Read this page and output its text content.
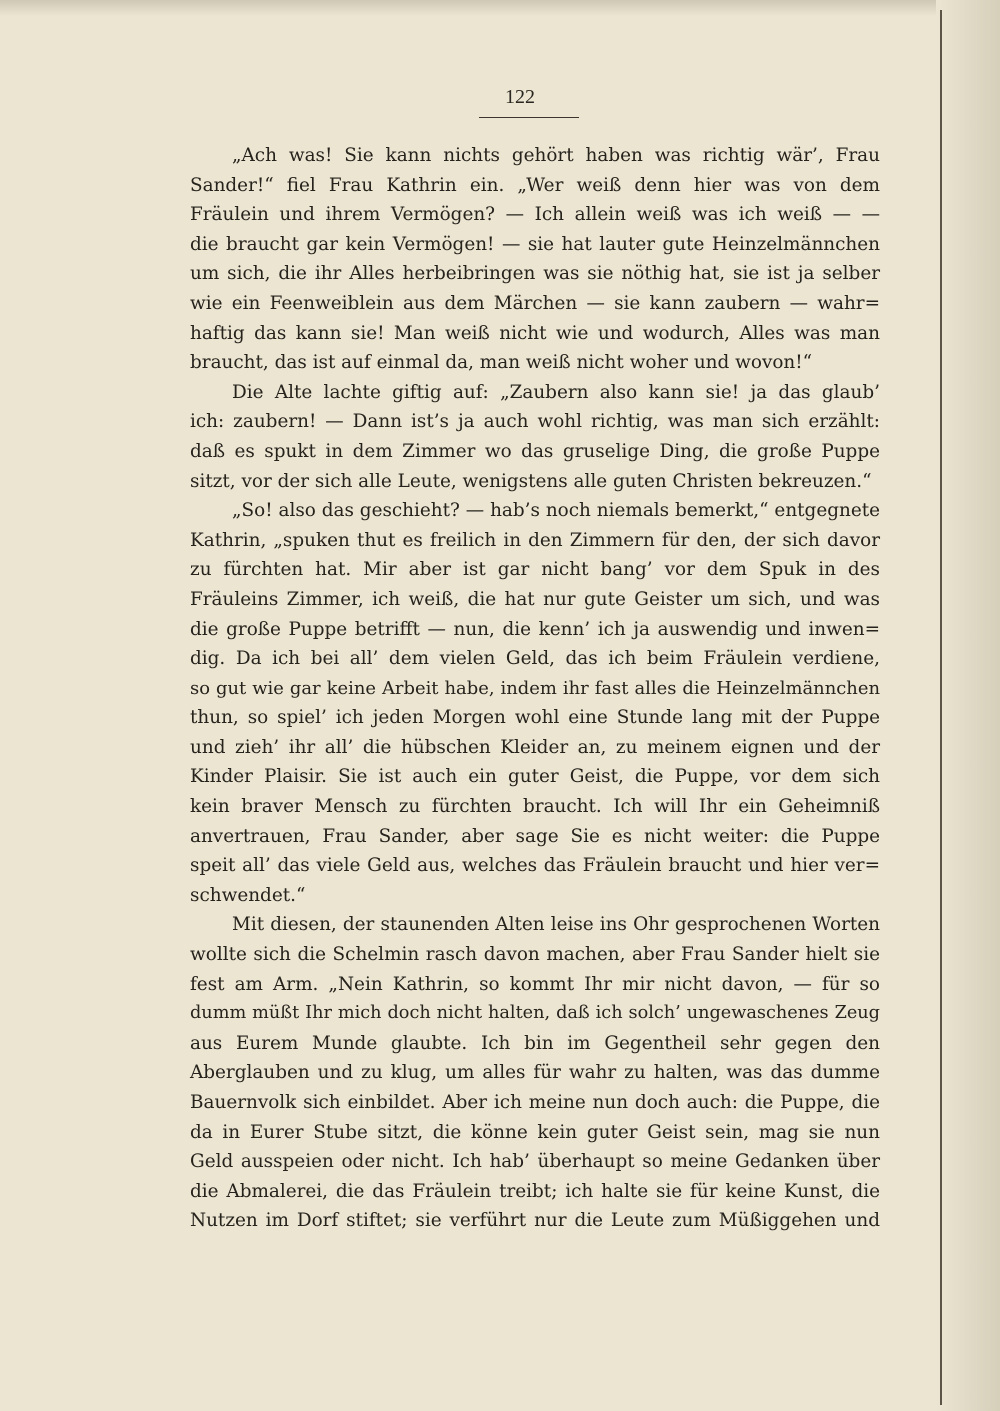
122
„Ach was! Sie kann nichts gehört haben was richtig wär’, Frau
Sander!“ fiel Frau Kathrin ein. „Wer weiß denn hier was von dem
Fräulein und ihrem Vermögen? — Ich allein weiß was ich weiß — —
die braucht gar kein Vermögen! — sie hat lauter gute Heinzelmännchen
um sich, die ihr Alles herbeibringen was sie nöthig hat, sie ist ja selber
wie ein Feenweiblein aus dem Märchen — sie kann zaubern — wahr=
haftig das kann sie! Man weiß nicht wie und wodurch, Alles was man
braucht, das ist auf einmal da, man weiß nicht woher und wovon!“
Die Alte lachte giftig auf: „Zaubern also kann sie! ja das glaub’
ich: zaubern! — Dann ist’s ja auch wohl richtig, was man sich erzählt:
daß es spukt in dem Zimmer wo das gruselige Ding, die große Puppe
sitzt, vor der sich alle Leute, wenigstens alle guten Christen bekreuzen.“
„So! also das geschieht? — hab’s noch niemals bemerkt,“ entgegnete
Kathrin, „spuken thut es freilich in den Zimmern für den, der sich davor
zu fürchten hat. Mir aber ist gar nicht bang’ vor dem Spuk in des
Fräuleins Zimmer, ich weiß, die hat nur gute Geister um sich, und was
die große Puppe betrifft — nun, die kenn’ ich ja auswendig und inwen=
dig. Da ich bei all’ dem vielen Geld, das ich beim Fräulein verdiene,
so gut wie gar keine Arbeit habe, indem ihr fast alles die Heinzelmännchen
thun, so spiel’ ich jeden Morgen wohl eine Stunde lang mit der Puppe
und zieh’ ihr all’ die hübschen Kleider an, zu meinem eignen und der
Kinder Plaisir. Sie ist auch ein guter Geist, die Puppe, vor dem sich
kein braver Mensch zu fürchten braucht. Ich will Ihr ein Geheimniß
anvertrauen, Frau Sander, aber sage Sie es nicht weiter: die Puppe
speit all’ das viele Geld aus, welches das Fräulein braucht und hier ver=
schwendet.“
Mit diesen, der staunenden Alten leise ins Ohr gesprochenen Worten
wollte sich die Schelmin rasch davon machen, aber Frau Sander hielt sie
fest am Arm. „Nein Kathrin, so kommt Ihr mir nicht davon, — für so
dumm müßt Ihr mich doch nicht halten, daß ich solch’ ungewaschenes Zeug
aus Eurem Munde glaubte. Ich bin im Gegentheil sehr gegen den
Aberglauben und zu klug, um alles für wahr zu halten, was das dumme
Bauernvolk sich einbildet. Aber ich meine nun doch auch: die Puppe, die
da in Eurer Stube sitzt, die könne kein guter Geist sein, mag sie nun
Geld ausspeien oder nicht. Ich hab’ überhaupt so meine Gedanken über
die Abmalerei, die das Fräulein treibt; ich halte sie für keine Kunst, die
Nutzen im Dorf stiftet; sie verführt nur die Leute zum Müßiggehen und
